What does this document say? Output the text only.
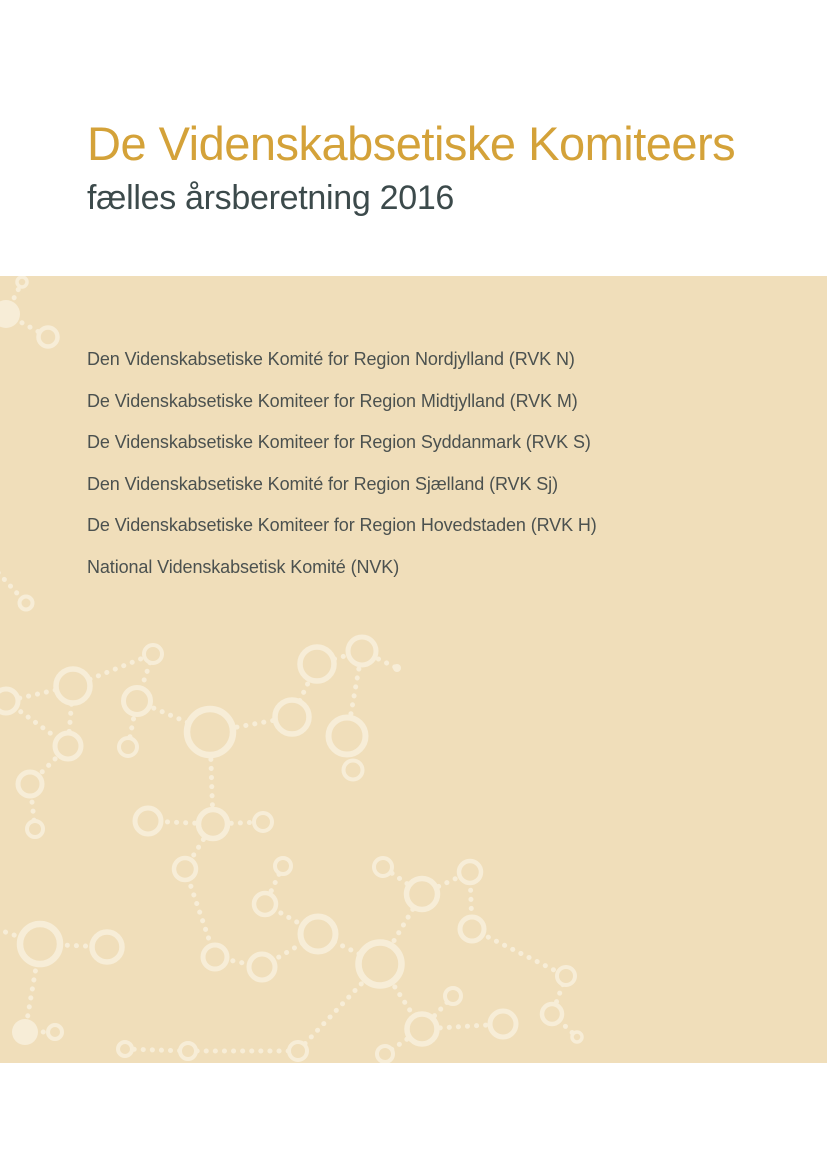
De Videnskabsetiske Komiteers
fælles årsberetning 2016
Den Videnskabsetiske Komité for Region Nordjylland (RVK N)
De Videnskabsetiske Komiteer for Region Midtjylland (RVK M)
De Videnskabsetiske Komiteer for Region Syddanmark (RVK S)
Den Videnskabsetiske Komité for Region Sjælland (RVK Sj)
De Videnskabsetiske Komiteer for Region Hovedstaden (RVK H)
National Videnskabsetisk Komité (NVK)
